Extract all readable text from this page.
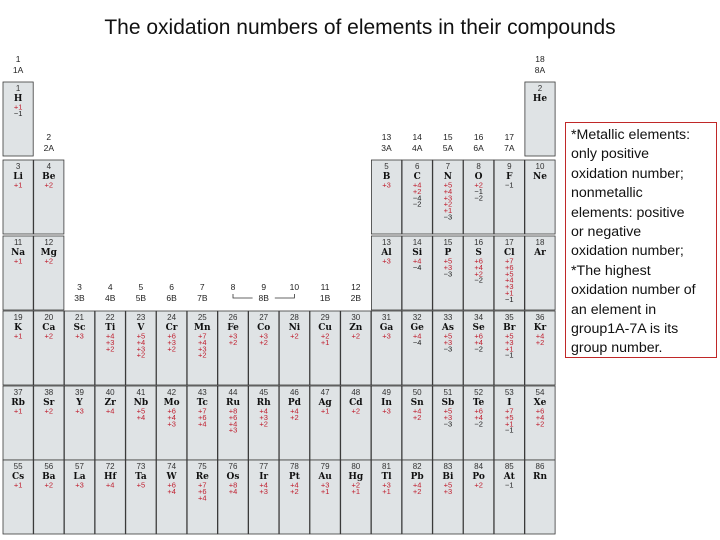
The oxidation numbers of elements in their compounds
1
H
+1
−1
2
He
3
Li
+1
4
Be
+2
5
B
+3
6
C
+4
+2
−4
−2
7
N
+5
+4
+3
+2
+1
−3
8
O
+2
−1
−2
9
F
−1
10
Ne
11
Na
+1
12
Mg
+2
13
Al
+3
14
Si
+4
−4
15
P
+5
+3
−3
16
S
+6
+4
+2
−2
17
Cl
+7
+6
+5
+4
+3
+1
−1
18
Ar
19
K
+1
20
Ca
+2
21
Sc
+3
22
Ti
+4
+3
+2
23
V
+5
+4
+3
+2
24
Cr
+6
+3
+2
25
Mn
+7
+4
+3
+2
26
Fe
+3
+2
27
Co
+3
+2
28
Ni
+2
29
Cu
+2
+1
30
Zn
+2
31
Ga
+3
32
Ge
+4
−4
33
As
+5
+3
−3
34
Se
+6
+4
−2
35
Br
+5
+3
+1
−1
36
Kr
+4
+2
37
Rb
+1
38
Sr
+2
39
Y
+3
40
Zr
+4
41
Nb
+5
+4
42
Mo
+6
+4
+3
43
Tc
+7
+6
+4
44
Ru
+8
+6
+4
+3
45
Rh
+4
+3
+2
46
Pd
+4
+2
47
Ag
+1
48
Cd
+2
49
In
+3
50
Sn
+4
+2
51
Sb
+5
+3
−3
52
Te
+6
+4
−2
53
I
+7
+5
+1
−1
54
Xe
+6
+4
+2
55
Cs
+1
56
Ba
+2
57
La
+3
72
Hf
+4
73
Ta
+5
74
W
+6
+4
75
Re
+7
+6
+4
76
Os
+8
+4
77
Ir
+4
+3
78
Pt
+4
+2
79
Au
+3
+1
80
Hg
+2
+1
81
Tl
+3
+1
82
Pb
+4
+2
83
Bi
+5
+3
84
Po
+2
85
At
−1
86
Rn
1
1A
2
2A
3
3B
4
4B
5
5B
6
6B
7
7B
8	9
8B
10	11
1B
12
2B
13
3A
14
4A
15
5A
16
6A
17
7A
18
8A
*Metallic elements:
only positive
oxidation number;
nonmetallic
elements: positive
or negative
oxidation number;
*The highest
oxidation number of
an element in
group1A-7A is its
group number.
